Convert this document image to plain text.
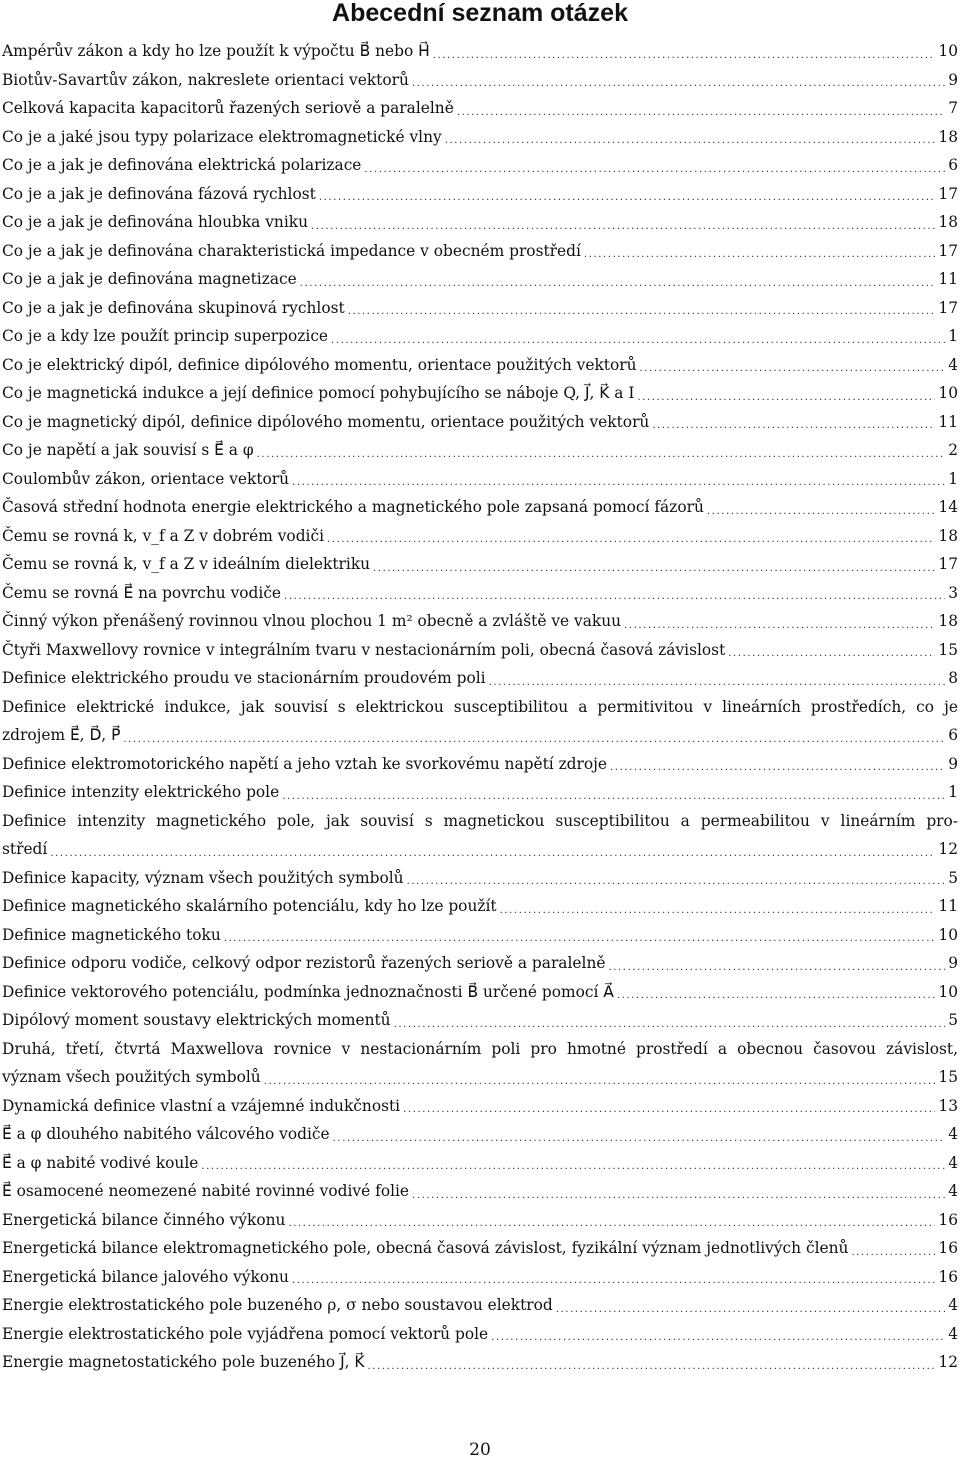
Abecední seznam otázek
Ampérův zákon a kdy ho lze použít k výpočtu B⃗ nebo H⃗ .....	10
Biotův-Savartův zákon, nakreslete orientaci vektorů .....	9
Celková kapacita kapacitorů řazených seriově a paralelně .....	7
Co je a jaké jsou typy polarizace elektromagnetické vlny .....	18
Co je a jak je definována elektrická polarizace .....	6
Co je a jak je definována fázová rychlost .....	17
Co je a jak je definována hloubka vniku .....	18
Co je a jak je definována charakteristická impedance v obecném prostředí .....	17
Co je a jak je definována magnetizace .....	11
Co je a jak je definována skupinová rychlost .....	17
Co je a kdy lze použít princip superpozice .....	1
Co je elektrický dipól, definice dipólového momentu, orientace použitých vektorů .....	4
Co je magnetická indukce a její definice pomocí pohybujícího se náboje Q, J⃗, K⃗ a I .....	10
Co je magnetický dipól, definice dipólového momentu, orientace použitých vektorů .....	11
Co je napětí a jak souvisí s E⃗ a φ .....	2
Coulombův zákon, orientace vektorů .....	1
Časová střední hodnota energie elektrického a magnetického pole zapsaná pomocí fázorů .....	14
Čemu se rovná k, v_f a Z v dobrém vodiči .....	18
Čemu se rovná k, v_f a Z v ideálním dielektriku .....	17
Čemu se rovná E⃗ na povrchu vodiče .....	3
Činný výkon přenášený rovinnou vlnou plochou 1 m² obecně a zvláště ve vakuu .....	18
Čtyři Maxwellovy rovnice v integrálním tvaru v nestacionárním poli, obecná časová závislost .....	15
Definice elektrického proudu ve stacionárním proudovém poli .....	8
Definice elektrické indukce, jak souvisí s elektrickou susceptibilitou a permitivitou v lineárních prostředích, co je
zdrojem E⃗, D⃗, P⃗ .....	6
Definice elektromotorického napětí a jeho vztah ke svorkovému napětí zdroje .....	9
Definice intenzity elektrického pole .....	1
Definice intenzity magnetického pole, jak souvisí s magnetickou susceptibilitou a permeabilitou v lineárním pro-
středí .....	12
Definice kapacity, význam všech použitých symbolů .....	5
Definice magnetického skalárního potenciálu, kdy ho lze použít .....	11
Definice magnetického toku .....	10
Definice odporu vodiče, celkový odpor rezistorů řazených seriově a paralelně .....	9
Definice vektorového potenciálu, podmínka jednoznačnosti B⃗ určené pomocí A⃗ .....	10
Dipólový moment soustavy elektrických momentů .....	5
Druhá, třetí, čtvrtá Maxwellova rovnice v nestacionárním poli pro hmotné prostředí a obecnou časovou závislost,
význam všech použitých symbolů .....	15
Dynamická definice vlastní a vzájemné indukčnosti .....	13
E⃗ a φ dlouhého nabitého válcového vodiče .....	4
E⃗ a φ nabité vodivé koule .....	4
E⃗ osamocené neomezené nabité rovinné vodivé folie .....	4
Energetická bilance činného výkonu .....	16
Energetická bilance elektromagnetického pole, obecná časová závislost, fyzikální význam jednotlivých členů .....	16
Energetická bilance jalového výkonu .....	16
Energie elektrostatického pole buzeného ρ, σ nebo soustavou elektrod .....	4
Energie elektrostatického pole vyjádřena pomocí vektorů pole .....	4
Energie magnetostatického pole buzeného J⃗, K⃗ .....	12
20
